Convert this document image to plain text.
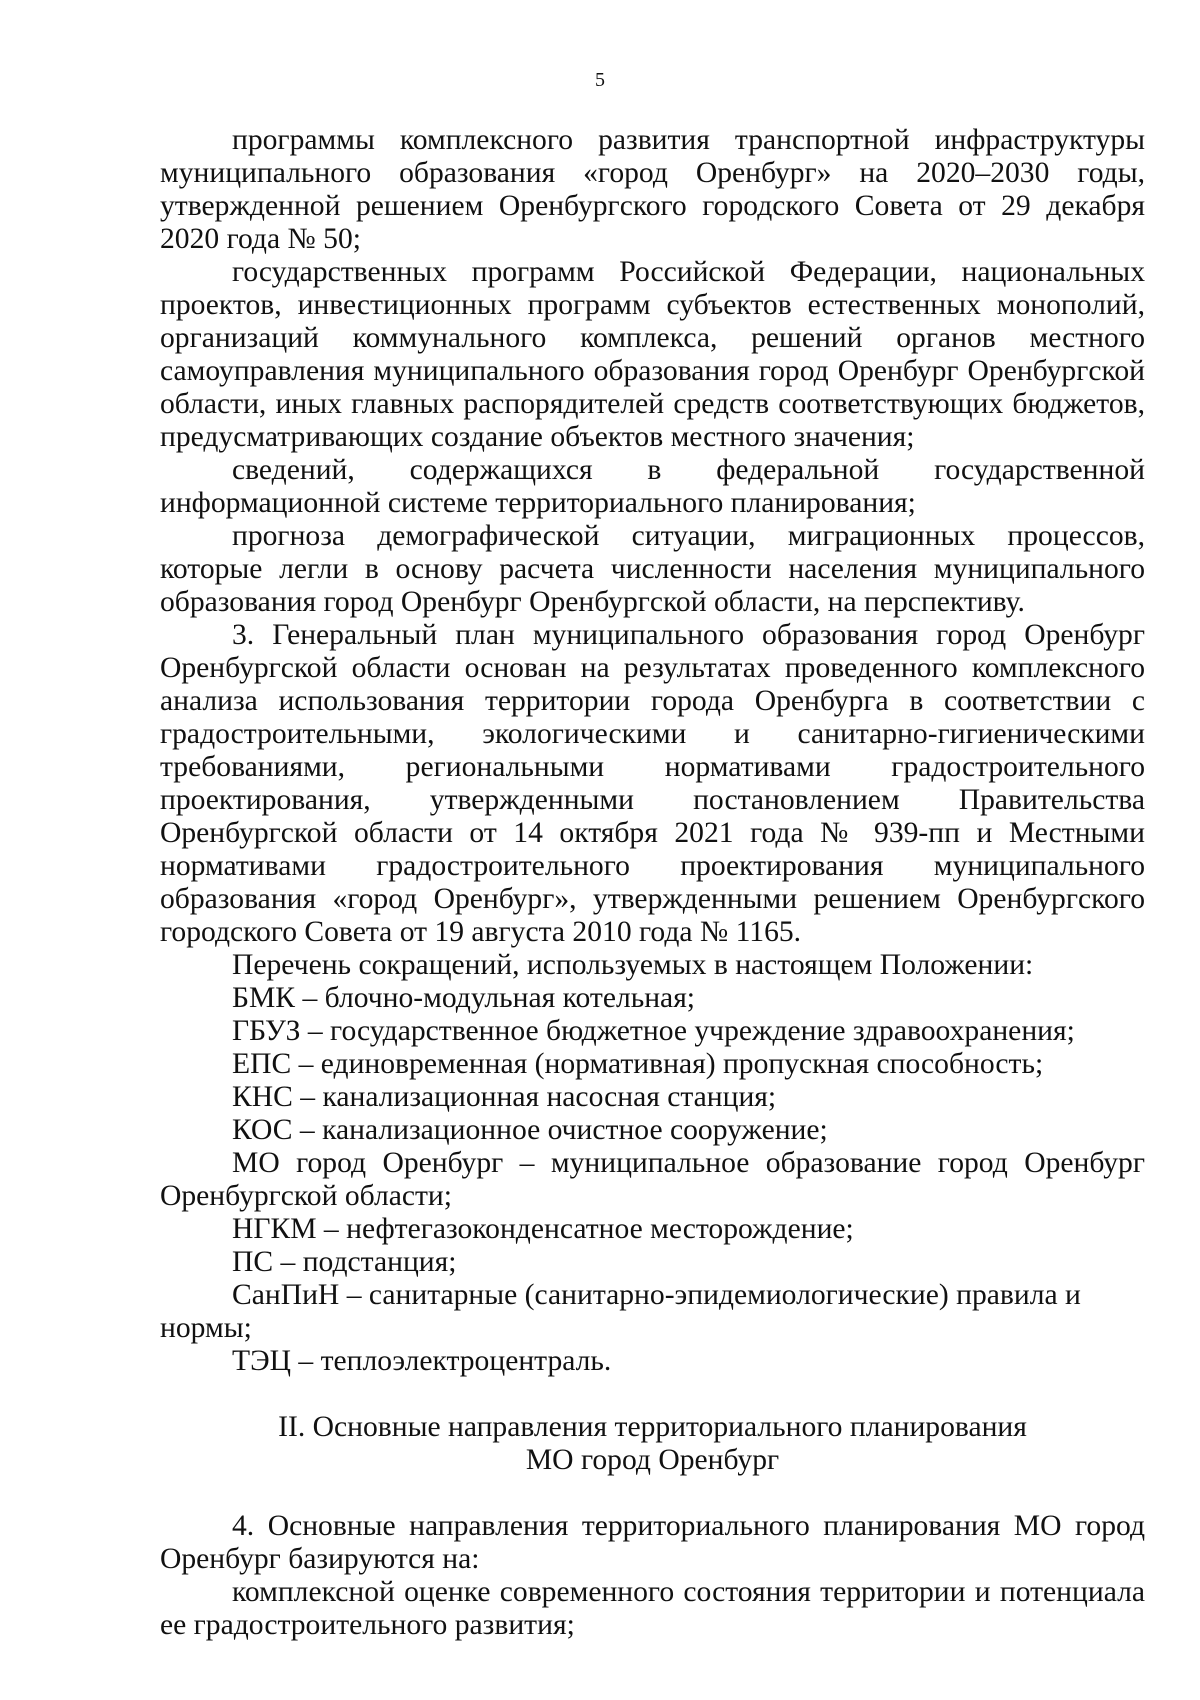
5

программы комплексного развития транспортной инфраструктуры муниципального образования «город Оренбург» на 2020–2030 годы, утвержденной решением Оренбургского городского Совета от 29 декабря 2020 года № 50;

государственных программ Российской Федерации, национальных проектов, инвестиционных программ субъектов естественных монополий, организаций коммунального комплекса, решений органов местного самоуправления муниципального образования город Оренбург Оренбургской области, иных главных распорядителей средств соответствующих бюджетов, предусматривающих создание объектов местного значения;

сведений, содержащихся в федеральной государственной информационной системе территориального планирования;

прогноза демографической ситуации, миграционных процессов, которые легли в основу расчета численности населения муниципального образования город Оренбург Оренбургской области, на перспективу.

3. Генеральный план муниципального образования город Оренбург Оренбургской области основан на результатах проведенного комплексного анализа использования территории города Оренбурга в соответствии с градостроительными, экологическими и санитарно-гигиеническими требованиями, региональными нормативами градостроительного проектирования, утвержденными постановлением Правительства Оренбургской области от 14 октября 2021 года № 939-пп и Местными нормативами градостроительного проектирования муниципального образования «город Оренбург», утвержденными решением Оренбургского городского Совета от 19 августа 2010 года № 1165.

Перечень сокращений, используемых в настоящем Положении:

БМК – блочно-модульная котельная;

ГБУЗ – государственное бюджетное учреждение здравоохранения;

ЕПС – единовременная (нормативная) пропускная способность;

КНС – канализационная насосная станция;

КОС – канализационное очистное сооружение;

МО город Оренбург – муниципальное образование город Оренбург Оренбургской области;

НГКМ – нефтегазоконденсатное месторождение;

ПС – подстанция;

СанПиН – санитарные (санитарно-эпидемиологические) правила и нормы;

ТЭЦ – теплоэлектроцентраль.

II. Основные направления территориального планирования
МО город Оренбург

4. Основные направления территориального планирования МО город Оренбург базируются на:

комплексной оценке современного состояния территории и потенциала ее градостроительного развития;
